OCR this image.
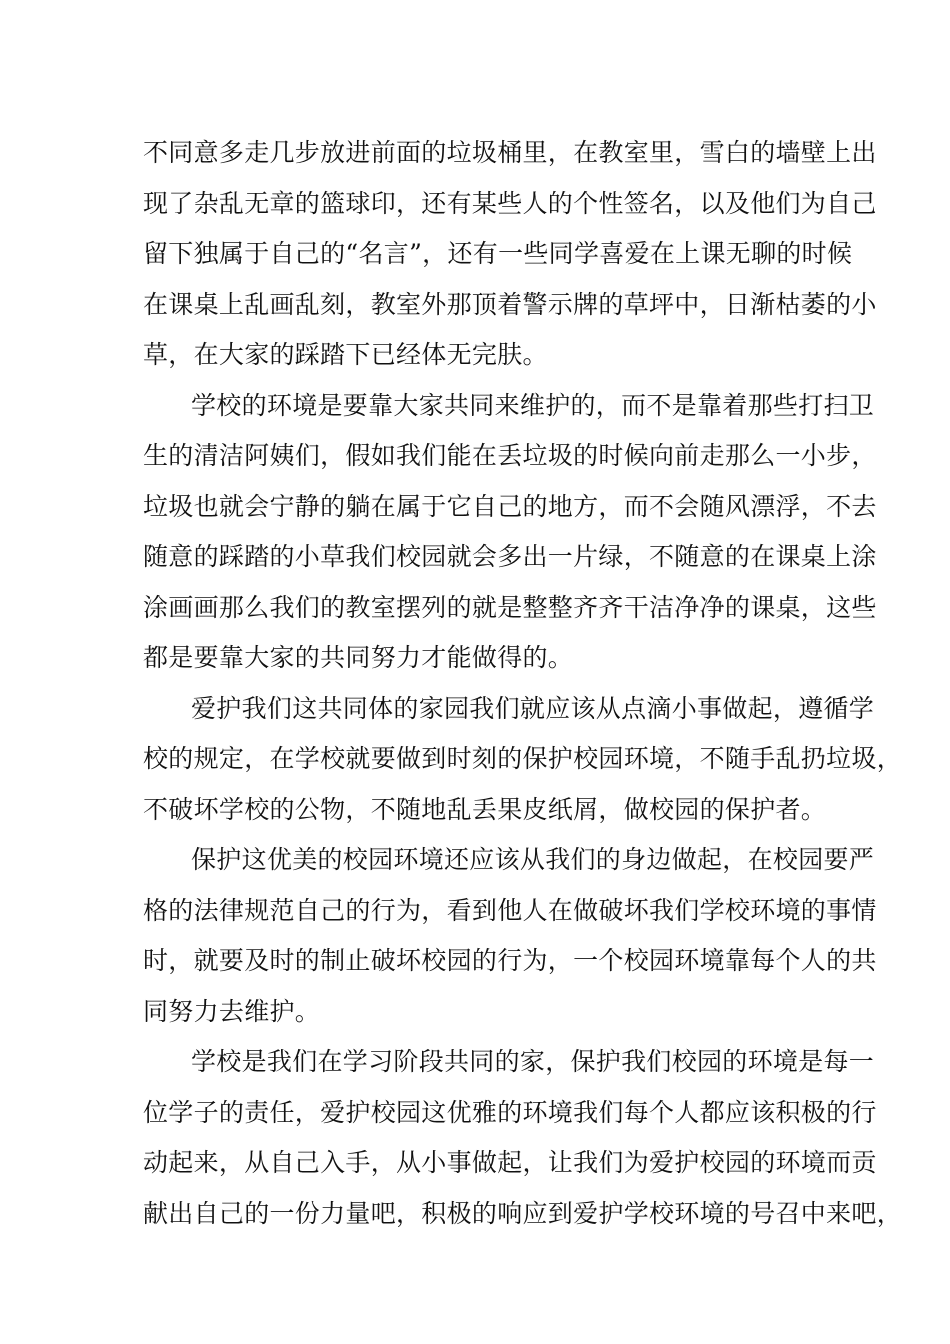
不同意多走几步放进前面的垃圾桶里，在教室里，雪白的墙壁上出
现了杂乱无章的篮球印，还有某些人的个性签名，以及他们为自己
留下独属于自己的“名言”，还有一些同学喜爱在上课无聊的时候
在课桌上乱画乱刻，教室外那顶着警示牌的草坪中，日渐枯萎的小
草，在大家的踩踏下已经体无完肤。
学校的环境是要靠大家共同来维护的，而不是靠着那些打扫卫
生的清洁阿姨们，假如我们能在丢垃圾的时候向前走那么一小步，
垃圾也就会宁静的躺在属于它自己的地方，而不会随风漂浮，不去
随意的踩踏的小草我们校园就会多出一片绿，不随意的在课桌上涂
涂画画那么我们的教室摆列的就是整整齐齐干洁净净的课桌，这些
都是要靠大家的共同努力才能做得的。
爱护我们这共同体的家园我们就应该从点滴小事做起，遵循学
校的规定，在学校就要做到时刻的保护校园环境，不随手乱扔垃圾，
不破坏学校的公物，不随地乱丢果皮纸屑，做校园的保护者。
保护这优美的校园环境还应该从我们的身边做起，在校园要严
格的法律规范自己的行为，看到他人在做破坏我们学校环境的事情
时，就要及时的制止破坏校园的行为，一个校园环境靠每个人的共
同努力去维护。
学校是我们在学习阶段共同的家，保护我们校园的环境是每一
位学子的责任，爱护校园这优雅的环境我们每个人都应该积极的行
动起来，从自己入手，从小事做起，让我们为爱护校园的环境而贡
献出自己的一份力量吧，积极的响应到爱护学校环境的号召中来吧，
